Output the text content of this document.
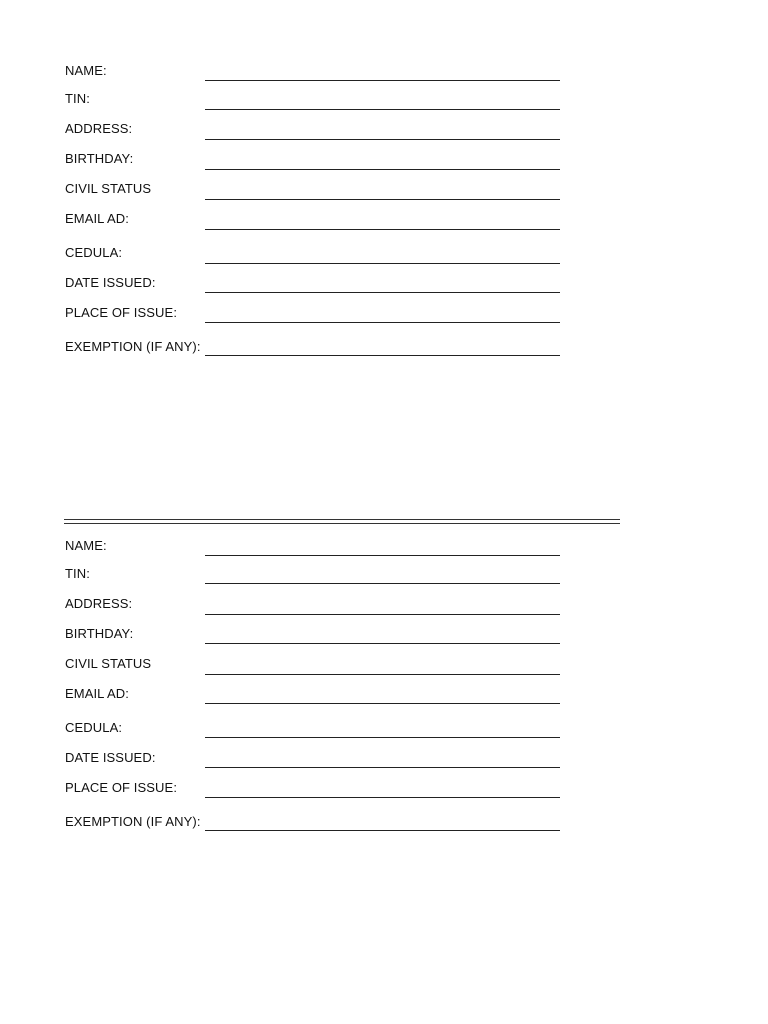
NAME:
TIN:
ADDRESS:
BIRTHDAY:
CIVIL STATUS
EMAIL AD:
CEDULA:
DATE ISSUED:
PLACE OF ISSUE:
EXEMPTION (IF ANY):
NAME:
TIN:
ADDRESS:
BIRTHDAY:
CIVIL STATUS
EMAIL AD:
CEDULA:
DATE ISSUED:
PLACE OF ISSUE:
EXEMPTION (IF ANY):
